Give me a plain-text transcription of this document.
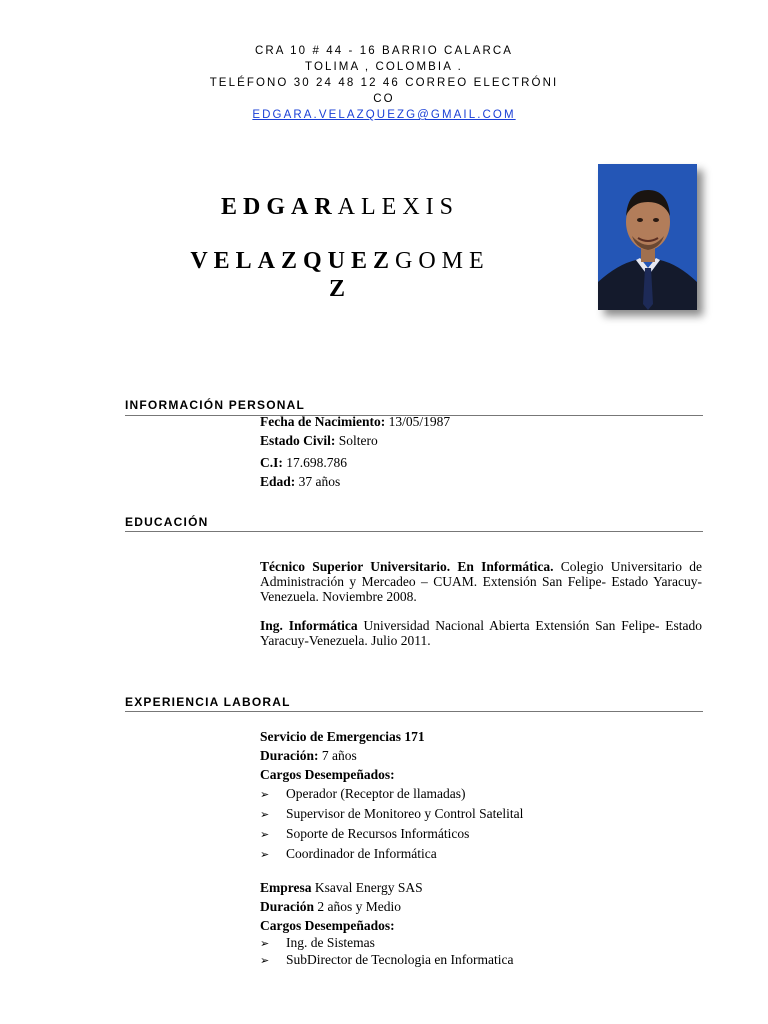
CRA 10 # 44 - 16 BARRIO CALARCA
TOLIMA , COLOMBIA .
TELÉFONO 30 24 48 12 46 CORREO ELECTRÓNI
CO
EDGARA.VELAZQUEZG@GMAIL.COM
EDGARALEXIS
VELAZQUEZGOME
Z
INFORMACIÓN PERSONAL
Fecha de Nacimiento: 13/05/1987
Estado Civil: Soltero
C.I: 17.698.786
Edad: 37 años
EDUCACIÓN
Técnico Superior Universitario. En Informática. Colegio Universitario de Administración y Mercadeo – CUAM. Extensión San Felipe- Estado Yaracuy-Venezuela. Noviembre 2008.
Ing. Informática Universidad Nacional Abierta Extensión San Felipe- Estado Yaracuy-Venezuela. Julio 2011.
EXPERIENCIA LABORAL
Servicio de Emergencias 171
Duración: 7 años
Cargos Desempeñados:
➢ Operador (Receptor de llamadas)
➢ Supervisor de Monitoreo y Control Satelital
➢ Soporte de Recursos Informáticos
➢ Coordinador de Informática
Empresa Ksaval Energy SAS
Duración 2 años y Medio
Cargos Desempeñados:
➢ Ing. de Sistemas
➢ SubDirector de Tecnologia en Informatica
